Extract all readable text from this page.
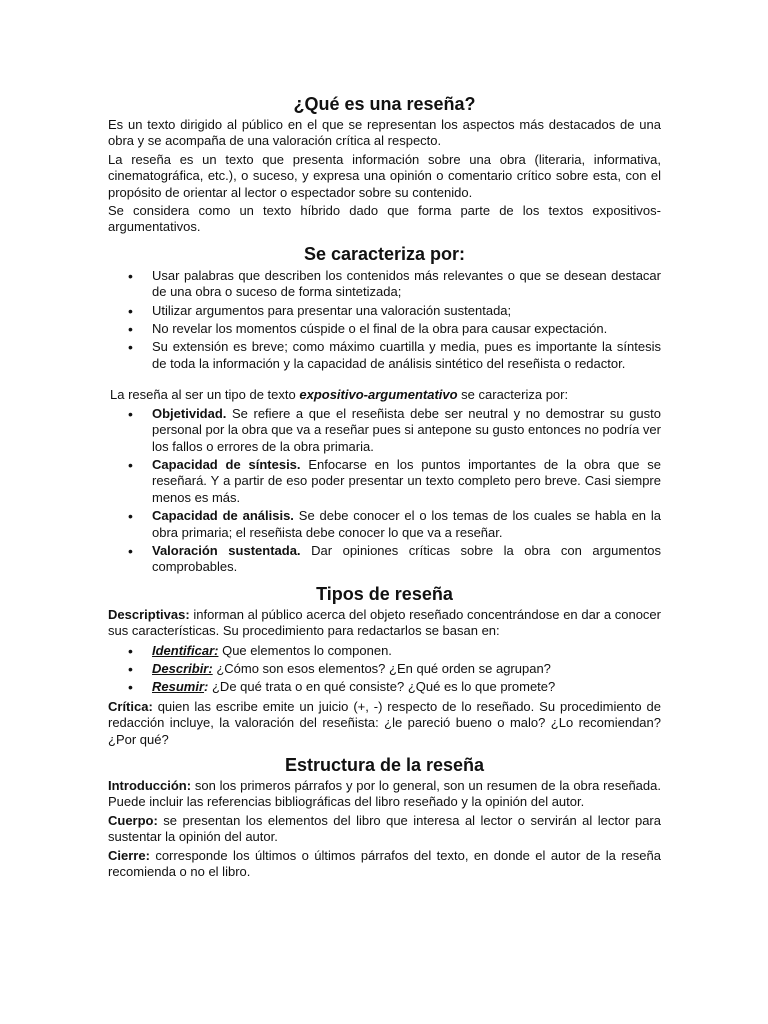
¿Qué es una reseña?

Es un texto dirigido al público en el que se representan los aspectos más destacados de una obra y se acompaña de una valoración crítica al respecto.

La reseña es un texto que presenta información sobre una obra (literaria, informativa, cinematográfica, etc.), o suceso, y expresa una opinión o comentario crítico sobre esta, con el propósito de orientar al lector o espectador sobre su contenido.

Se considera como un texto híbrido dado que forma parte de los textos expositivos-argumentativos.

Se caracteriza por:
• Usar palabras que describen los contenidos más relevantes o que se desean destacar de una obra o suceso de forma sintetizada;
• Utilizar argumentos para presentar una valoración sustentada;
• No revelar los momentos cúspide o el final de la obra para causar expectación.
• Su extensión es breve; como máximo cuartilla y media, pues es importante la síntesis de toda la información y la capacidad de análisis sintético del reseñista o redactor.

La reseña al ser un tipo de texto expositivo-argumentativo se caracteriza por:

• Objetividad. Se refiere a que el reseñista debe ser neutral y no demostrar su gusto personal por la obra que va a reseñar pues si antepone su gusto entonces no podría ver los fallos o errores de la obra primaria.
• Capacidad de síntesis. Enfocarse en los puntos importantes de la obra que se reseñará. Y a partir de eso poder presentar un texto completo pero breve. Casi siempre menos es más.
• Capacidad de análisis. Se debe conocer el o los temas de los cuales se habla en la obra primaria; el reseñista debe conocer lo que va a reseñar.
• Valoración sustentada. Dar opiniones críticas sobre la obra con argumentos comprobables.
Tipos de reseña

Descriptivas: informan al público acerca del objeto reseñado concentrándose en dar a conocer sus características. Su procedimiento para redactarlos se basan en:

• Identificar: Que elementos lo componen.
• Describir: ¿Cómo son esos elementos? ¿En qué orden se agrupan?
• Resumir: ¿De qué trata o en qué consiste? ¿Qué es lo que promete?

Crítica: quien las escribe emite un juicio (+, -) respecto de lo reseñado. Su procedimiento de redacción incluye, la valoración del reseñista: ¿le pareció bueno o malo? ¿Lo recomiendan? ¿Por qué?

Estructura de la reseña

Introducción: son los primeros párrafos y por lo general, son un resumen de la obra reseñada. Puede incluir las referencias bibliográficas del libro reseñado y la opinión del autor.

Cuerpo: se presentan los elementos del libro que interesa al lector o servirán al lector para sustentar la opinión del autor.

Cierre: corresponde los últimos o últimos párrafos del texto, en donde el autor de la reseña recomienda o no el libro.
